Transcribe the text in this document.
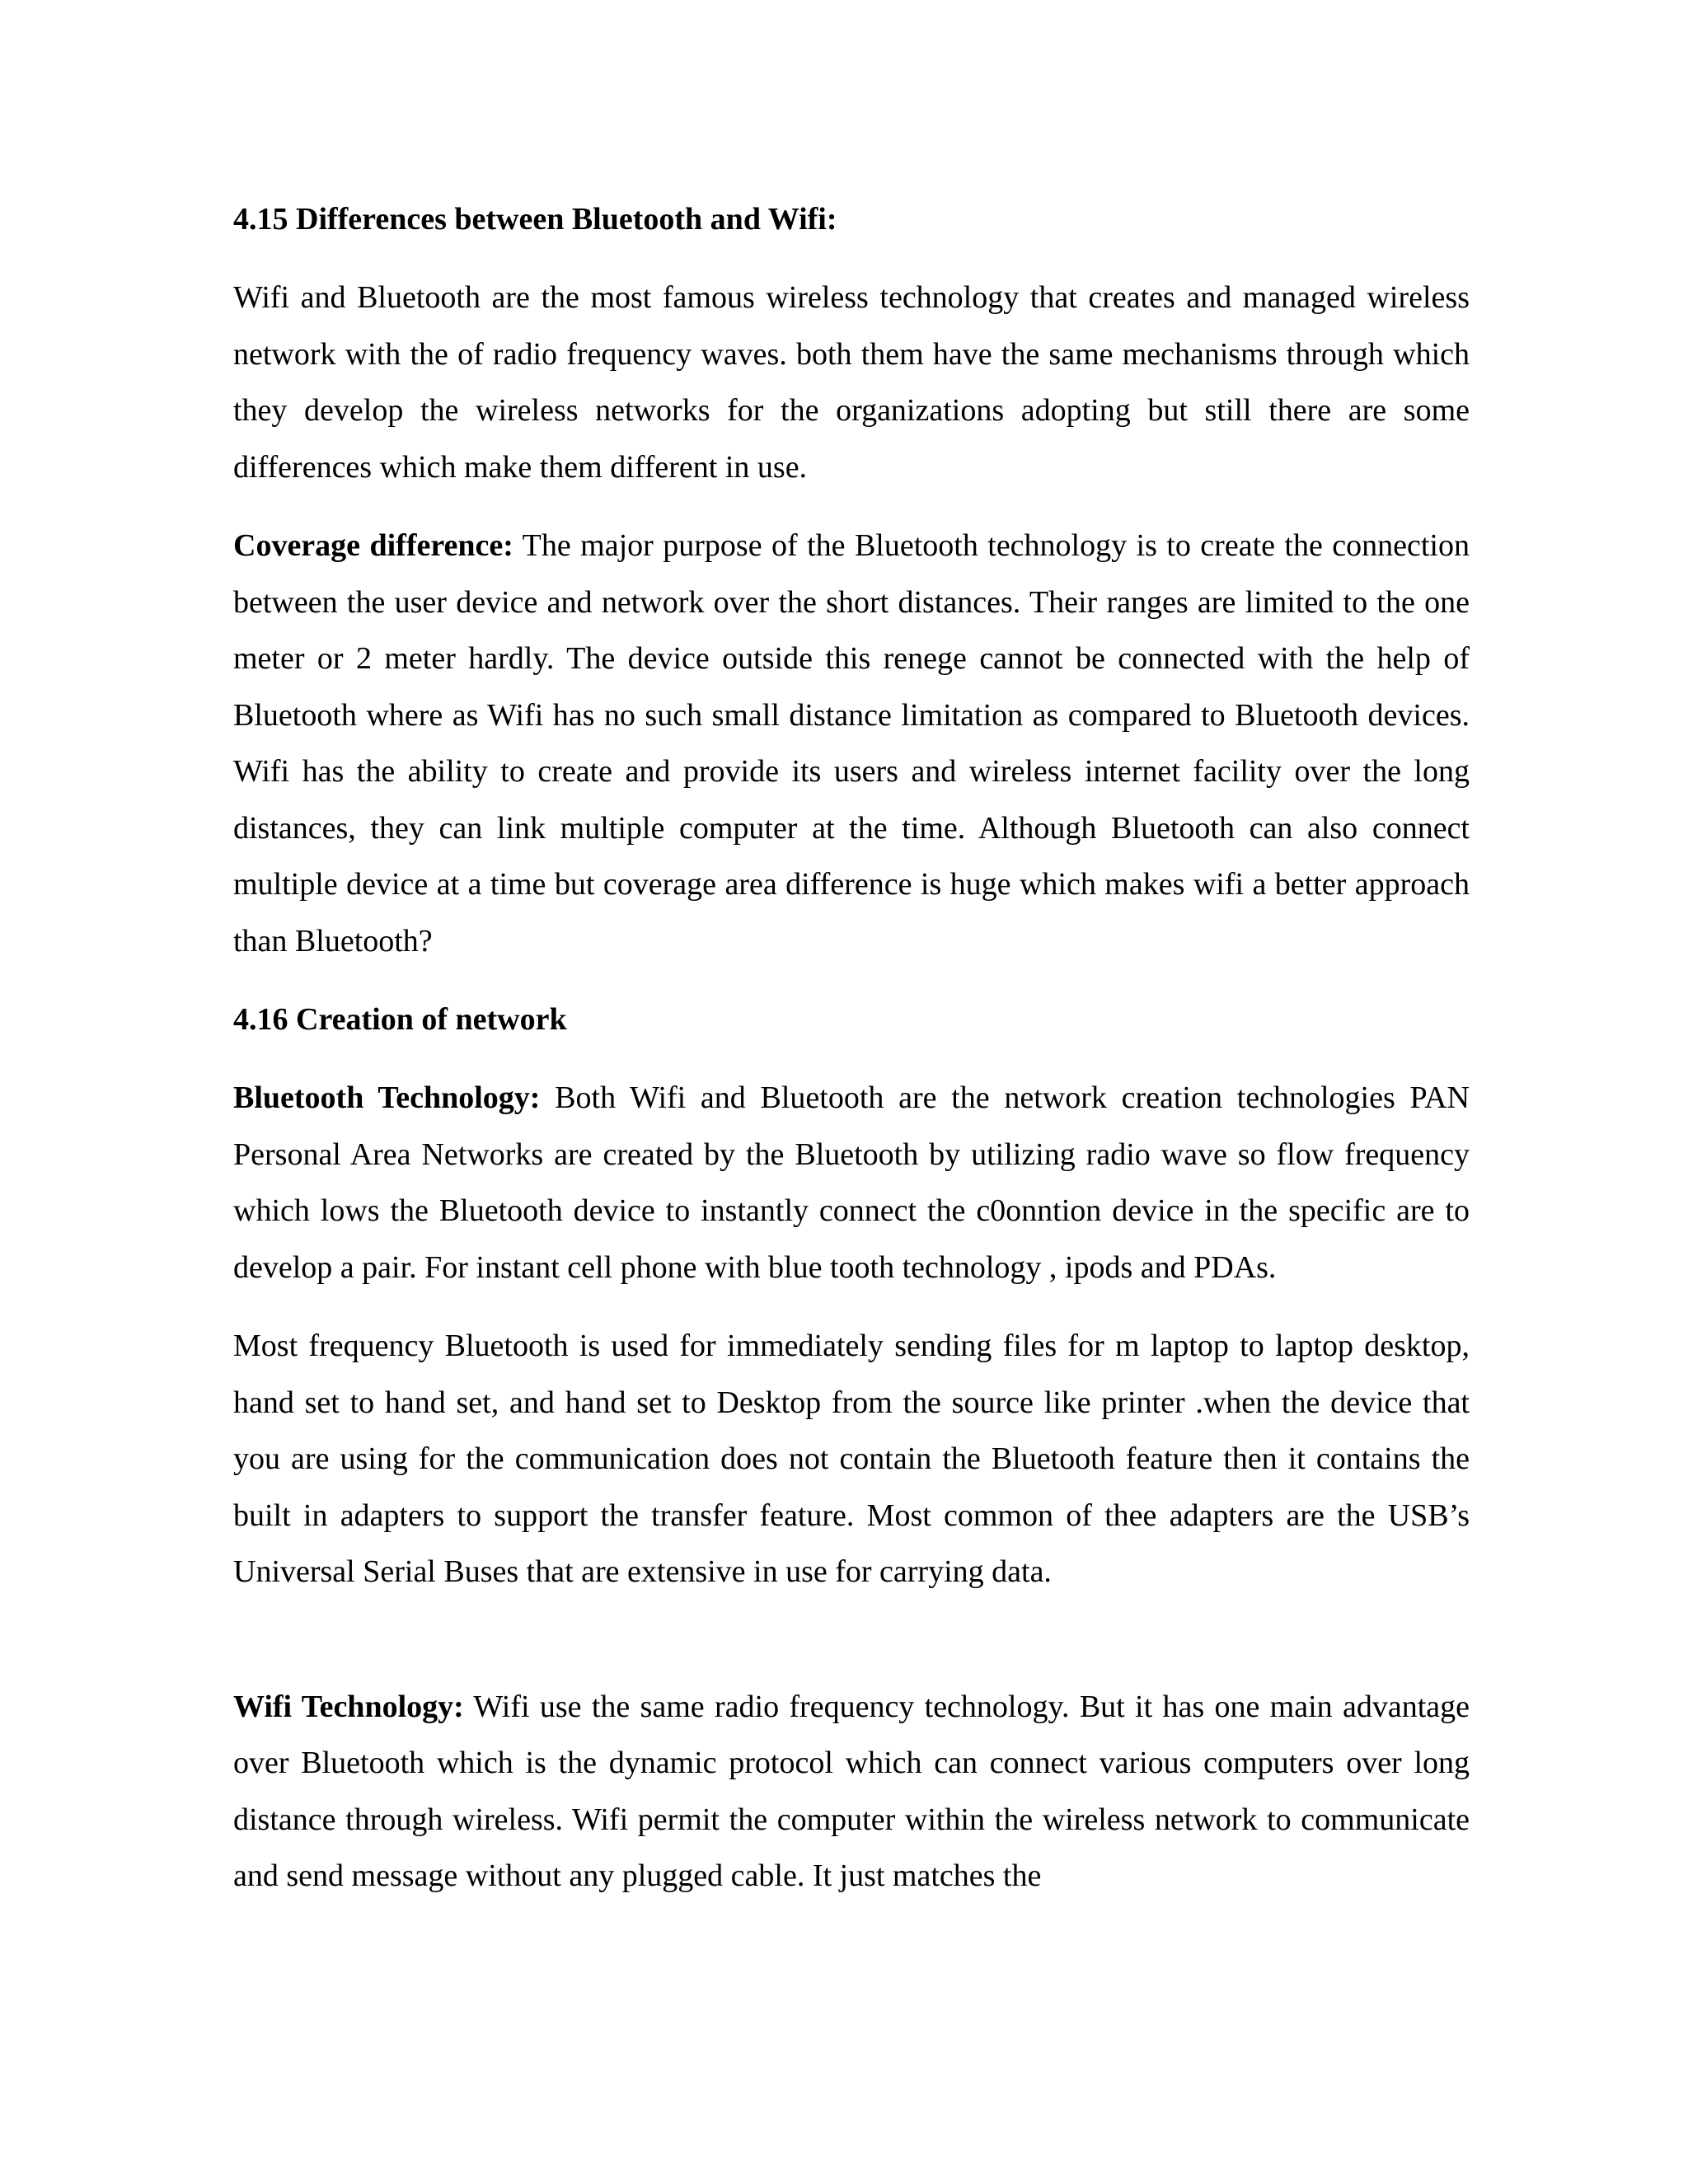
4.15 Differences between Bluetooth and Wifi:

Wifi and Bluetooth are the most famous wireless technology that creates and managed wireless network with the of radio frequency waves. both them have the same mechanisms through which they develop the wireless networks for the organizations adopting but still there are some differences which make them different in use.

Coverage difference: The major purpose of the Bluetooth technology is to create the connection between the user device and network over the short distances. Their ranges are limited to the one meter or 2 meter hardly. The device outside this renege cannot be connected with the help of Bluetooth where as Wifi has no such small distance limitation as compared to Bluetooth devices. Wifi has the ability to create and provide its users and wireless internet facility over the long distances, they can link multiple computer at the time. Although Bluetooth can also connect multiple device at a time but coverage area difference is huge which makes wifi a better approach than Bluetooth?

4.16 Creation of network

Bluetooth Technology: Both Wifi and Bluetooth are the network creation technologies PAN Personal Area Networks are created by the Bluetooth by utilizing radio wave so flow frequency which lows the Bluetooth device to instantly connect the c0onntion device in the specific are to develop a pair. For instant cell phone with blue tooth technology , ipods and PDAs.

Most frequency Bluetooth is used for immediately sending files for m laptop to laptop desktop, hand set to hand set, and hand set to Desktop from the source like printer .when the device that you are using for the communication does not contain the Bluetooth feature then it contains the built in adapters to support the transfer feature. Most common of thee adapters are the USB’s Universal Serial Buses that are extensive in use for carrying data.

Wifi Technology: Wifi use the same radio frequency technology. But it has one main advantage over Bluetooth which is the dynamic protocol which can connect various computers over long distance through wireless. Wifi permit the computer within the wireless network to communicate and send message without any plugged cable. It just matches the
